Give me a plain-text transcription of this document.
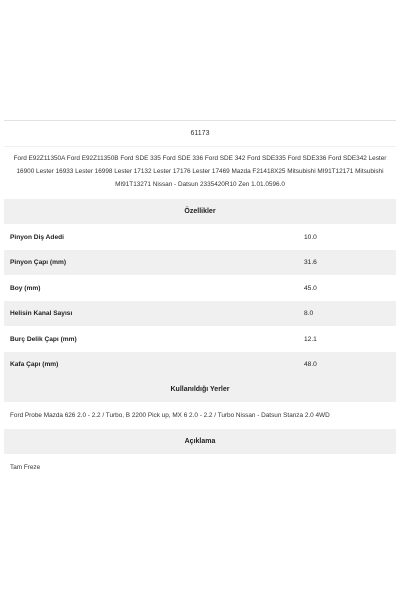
61173
Ford E92Z11350A Ford E92Z11350B Ford SDE 335 Ford SDE 336 Ford SDE 342 Ford SDE335 Ford SDE336 Ford SDE342 Lester 16900 Lester 16933 Lester 16998 Lester 17132 Lester 17176 Lester 17469 Mazda F21418X25 Mitsubishi MI91T12171 Mitsubishi MI91T13271 Nissan - Datsun 2335420R10 Zen 1.01.0596.0
Özellikler
Pinyon Diş Adedi	10.0
Pinyon Çapı (mm)	31.6
Boy (mm)	45.0
Helisin Kanal Sayısı	8.0
Burç Delik Çapı (mm)	12.1
Kafa Çapı (mm)	48.0
Kullanıldığı Yerler
Ford Probe Mazda 626 2.0 - 2.2 / Turbo, B 2200 Pick up, MX 6 2.0 - 2.2 / Turbo Nissan - Datsun Stanza 2.0 4WD
Açıklama
Tam Freze
